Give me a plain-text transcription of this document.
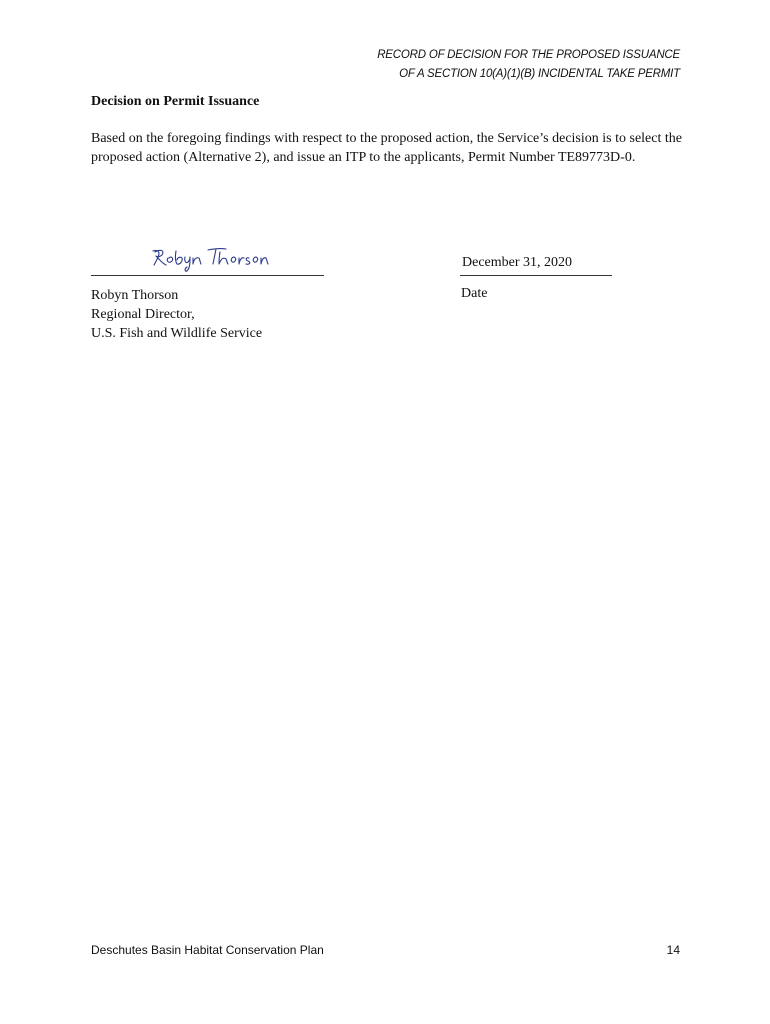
RECORD OF DECISION FOR THE PROPOSED ISSUANCE
OF A SECTION 10(A)(1)(B) INCIDENTAL TAKE PERMIT
Decision on Permit Issuance
Based on the foregoing findings with respect to the proposed action, the Service’s decision is to select the proposed action (Alternative 2), and issue an ITP to the applicants, Permit Number TE89773D-0.
December 31, 2020
Robyn Thorson
Regional Director,
U.S. Fish and Wildlife Service
Date
Deschutes Basin Habitat Conservation Plan	14
